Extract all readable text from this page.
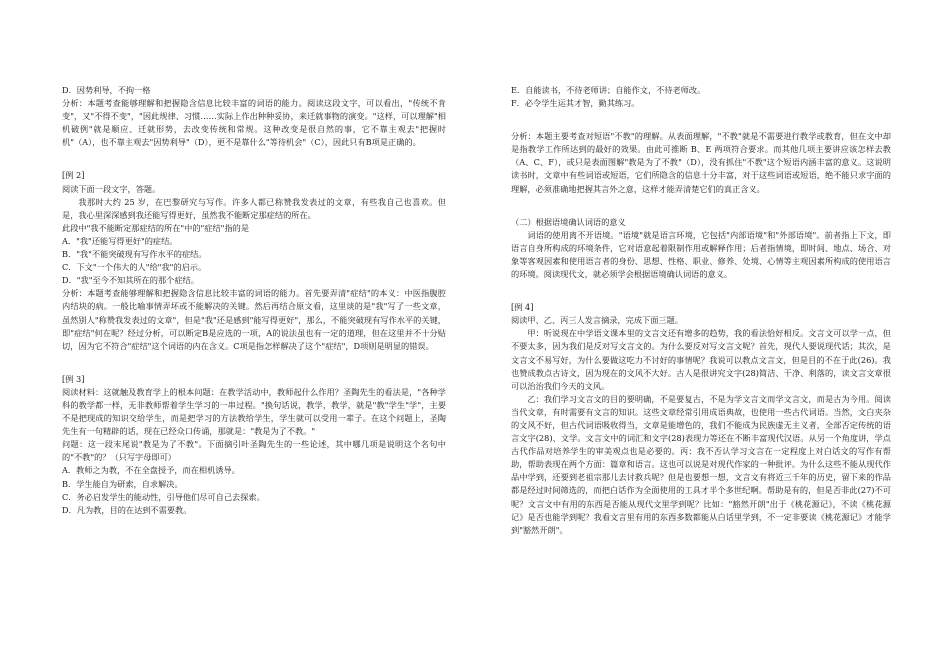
D．因势利导，不拘一格

分析：本题考查能够理解和把握隐含信息比较丰富的词语的能力。阅读这段文字，可以看出，"传统不肯变"，又"不得不变"，"因此规律、习惯……实际上作出种种妥协，来迁就事物的演变。"这样，可以理解"相机破例"就是顺应、迁就形势，去改变传统和常规。这种改变是很自然的事，它不靠主观去"把握时机"（A），也不靠主观去"因势利导"（D），更不是靠什么"等待机会"（C），因此只有B项是正确的。

[例 2]

阅读下面一段文字，答题。

我那时大约 25 岁，在巴黎研究与写作。许多人都已称赞我发表过的文章，有些我自己也喜欢。但是，我心里深深感到我还能写得更好，虽然我不能断定那症结的所在。

此段中"我不能断定那症结的所在"中的"症结"指的是

A．"我"还能写得更好"的症结。

B．"我"不能突破现有写作水平的症结。

C．下文"一个伟大的人"给"我"的启示。

D．"我"至今不知其所在的那个症结。

分析：本题考查能够理解和把握隐含信息比较丰富的词语的能力。首先要弄清"症结"的本义：中医指腹腔内结块的病。一般比喻事情弄坏或不能解决的关键。然后再结合原文看，这里谈的是"我"写了一些文章，虽然别人"称赞我发表过的文章"，但是"我"还是感到"能写得更好"，那么，不能突破现有写作水平的关键，即"症结"何在呢？经过分析，可以断定B是应选的一项，A的说法虽也有一定的道理，但在这里并不十分贴切，因为它不符合"症结"这个词语的内在含义。C项是指怎样解决了这个"症结"，D项则是明显的错误。

[例 3]

阅读材料：这就触及教育学上的根本问题：在教学活动中，教师起什么作用？圣陶先生的看法是，"各种学科的教学都一样，无非教师帮着学生学习的一串过程。"换句话说，教学，教学，就是"教"学生"学"，主要不是把现成的知识交给学生，而是把学习的方法教给学生，学生就可以受用一辈子。在这个问题上，圣陶先生有一句精辟的话，现在已经众口传诵，那就是："教是为了不教。"

问题：这一段末尾说"教是为了不教"。下面摘引叶圣陶先生的一些论述，其中哪几项是说明这个名句中的"不教"的？（只写字母即可）

A．教师之为教，不在全盘授予，而在相机诱导。

B．学生能自为研索，自求解决。

C．务必启发学生的能动性，引导他们尽可自己去探索。

D．凡为教，目的在达到不需要教。

E．自能读书，不待老师讲；自能作文，不待老师改。

F．必令学生运其才智，勤其练习。

分析：本题主要考查对短语"不教"的理解。从表面理解，"不教"就是不需要进行教学或教育，但在文中却是指教学工作所达到的最好的效果。由此可推断 B、E 两项符合要求。而其他几项主要讲应该怎样去教（A、C、F），或只是表面图解"教是为了不教"（D），没有抓住"不教"这个短语内涵丰富的意义。这说明读书时，文章中有些词语或短语，它们所隐含的信息十分丰富，对于这些词语或短语，绝不能只求字面的理解，必须准确地把握其言外之意，这样才能弄清楚它们的真正含义。

（二）根据语境确认词语的意义

词语的使用离不开语境。"语境"就是语言环境，它包括"内部语境"和"外部语境"。前者指上下文，即语言自身所构成的环境条件，它对语意起着限制作用或解释作用；后者指情境，即时间、地点、场合、对象等客观因素和使用语言者的身份、思想、性格、职业、修养、处境、心情等主观因素所构成的使用语言的环境。阅读现代文，就必须学会根据语境确认词语的意义。

[例 4]

阅读甲、乙、丙三人发言摘录，完成下面三题。

甲：听说现在中学语文课本里的文言文还有增多的趋势，我的看法恰好相反。文言文可以学一点，但不要太多，因为我们是反对写文言文的。为什么要反对写文言文呢？首先，现代人要说现代话；其次，是文言文不易写好，为什么要做这吃力不讨好的事情呢？我说可以教点文言文，但是目的不在于此(26)。我也赞成教点古诗文，因为现在的文风不大好。古人是很讲究文字(28)简洁、干净、利落的，读文言文章很可以治治我们今天的文风。

乙：我们学习文言文的目的要明确，不是要复古，不是为学文言文而学文言文，而是古为今用。阅读当代文章，有时需要有文言的知识。这些文章经常引用成语典故，也使用一些古代词语。当然，文白夹杂的文风不好，但古代词语吸收得当，文章是能增色的，我们不能成为民族虚无主义者，全部否定传统的语言文字(28)、文学。文言文中的词汇和文字(28)表现力等还在不断丰富现代汉语。从另一个角度讲，学点古代作品对培养学生的审美观点也是必要的。丙：我不否认学习文言在一定程度上对白话文的写作有帮助，帮助表现在两个方面：篇章和语言。这也可以说是对现代作家的一种批评。为什么这些不能从现代作品中学到，还要到老祖宗那儿去讨救兵呢？但是也要想一想，文言文有将近三千年的历史，留下来的作品都是经过时间筛选的，而把白话作为全面使用的工具才半个多世纪啊。帮助是有的，但是否非此(27)不可呢？文言文中有用的东西是否能从现代文里学到呢？比如："豁然开朗"出于《桃花源记》，不读《桃花源记》是否也能学到呢？我看文言里有用的东西多数都能从白话里学到，不一定非要读《桃花源记》才能学到"豁然开朗"。
